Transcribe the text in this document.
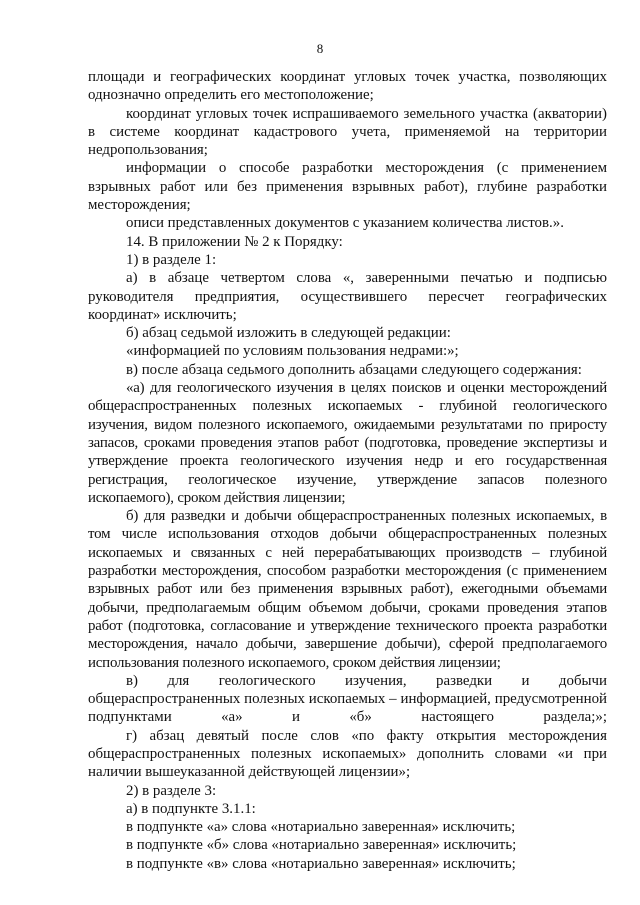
8

площади и географических координат угловых точек участка, позволяющих однозначно определить его местоположение;

координат угловых точек испрашиваемого земельного участка (акватории) в системе координат кадастрового учета, применяемой на территории недропользования;

информации о способе разработки месторождения (с применением взрывных работ или без применения взрывных работ), глубине разработки месторождения;

описи представленных документов с указанием количества листов.».

14. В приложении № 2 к Порядку:

1) в разделе 1:

а) в абзаце четвертом слова «, заверенными печатью и подписью руководителя предприятия, осуществившего пересчет географических координат» исключить;

б) абзац седьмой изложить в следующей редакции:

«информацией по условиям пользования недрами:»;

в) после абзаца седьмого дополнить абзацами следующего содержания:

«а) для геологического изучения в целях поисков и оценки месторождений общераспространенных полезных ископаемых - глубиной геологического изучения, видом полезного ископаемого, ожидаемыми результатами по приросту запасов, сроками проведения этапов работ (подготовка, проведение экспертизы и утверждение проекта геологического изучения недр и его государственная регистрация, геологическое изучение, утверждение запасов полезного ископаемого), сроком действия лицензии;

б) для разведки и добычи общераспространенных полезных ископаемых, в том числе использования отходов добычи общераспространенных полезных ископаемых и связанных с ней перерабатывающих производств – глубиной разработки месторождения, способом разработки месторождения (с применением взрывных работ или без применения взрывных работ), ежегодными объемами добычи, предполагаемым общим объемом добычи, сроками проведения этапов работ (подготовка, согласование и утверждение технического проекта разработки месторождения, начало добычи, завершение добычи), сферой предполагаемого использования полезного ископаемого, сроком действия лицензии;

в) для геологического изучения, разведки и добычи общераспространенных полезных ископаемых – информацией, предусмотренной подпунктами «а» и «б» настоящего раздела;»;

г) абзац девятый после слов «по факту открытия месторождения общераспространенных полезных ископаемых» дополнить словами «и при наличии вышеуказанной действующей лицензии»;

2) в разделе 3:

а) в подпункте 3.1.1:

в подпункте «а» слова «нотариально заверенная» исключить;

в подпункте «б» слова «нотариально заверенная» исключить;

в подпункте «в» слова «нотариально заверенная» исключить;
